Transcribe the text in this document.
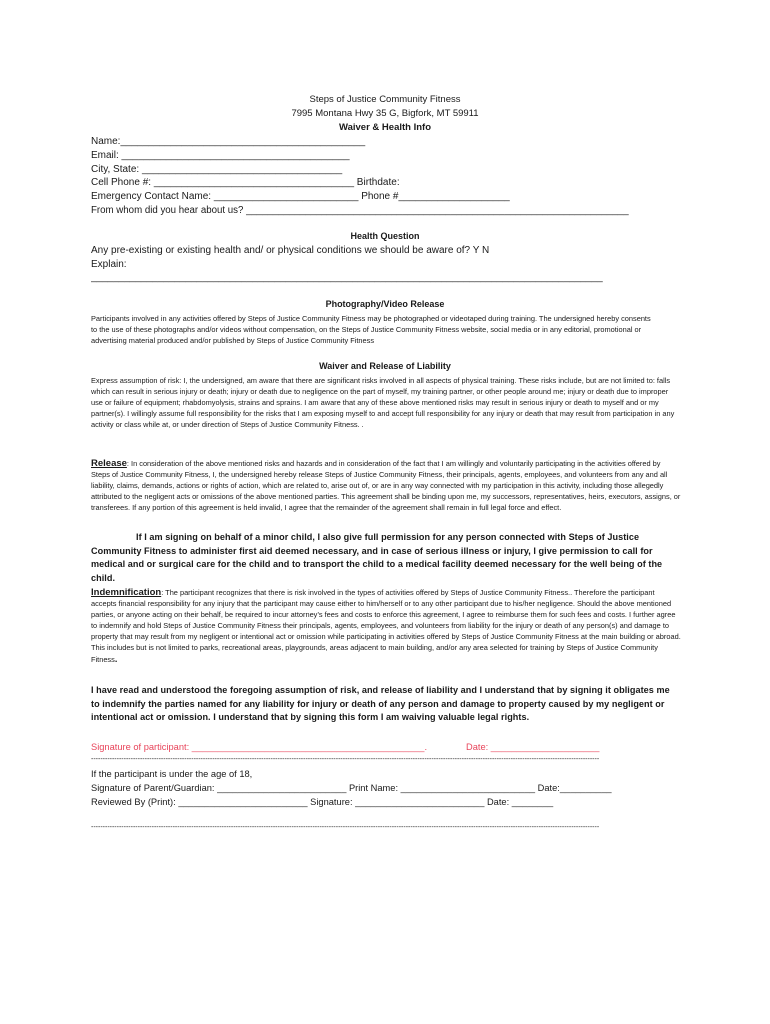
Steps of Justice Community Fitness
7995 Montana Hwy 35 G, Bigfork, MT 59911
Waiver & Health Info
Name:____________________________________________
Email: _________________________________________
City, State: ____________________________________
Cell Phone #: ____________________________________ Birthdate:
Emergency Contact Name: __________________________ Phone #____________________
From whom did you hear about us? _______________________________________________________________________
Health Question
Any pre-existing or existing health and/ or physical conditions we should be aware of? Y N
Explain:
____________________________________________________________________________________________
Photography/Video Release
Participants involved in any activities offered by Steps of Justice Community Fitness may be photographed or videotaped during training. The undersigned hereby consents to the use of these photographs and/or videos without compensation, on the Steps of Justice Community Fitness website, social media or in any editorial, promotional or advertising material produced and/or published by Steps of Justice Community Fitness
Waiver and Release of Liability
Express assumption of risk: I, the undersigned, am aware that there are significant risks involved in all aspects of physical training. These risks include, but are not limited to: falls which can result in serious injury or death; injury or death due to negligence on the part of myself, my training partner, or other people around me; injury or death due to improper use or failure of equipment; rhabdomyolysis, strains and sprains. I am aware that any of these above mentioned risks may result in serious injury or death to myself and or my partner(s). I willingly assume full responsibility for the risks that I am exposing myself to and accept full responsibility for any injury or death that may result from participation in any activity or class while at, or under direction of Steps of Justice Community Fitness. .
Release: In consideration of the above mentioned risks and hazards and in consideration of the fact that I am willingly and voluntarily participating in the activities offered by Steps of Justice Community Fitness, I, the undersigned hereby release Steps of Justice Community Fitness, their principals, agents, employees, and volunteers from any and all liability, claims, demands, actions or rights of action, which are related to, arise out of, or are in any way connected with my participation in this activity, including those allegedly attributed to the negligent acts or omissions of the above mentioned parties. This agreement shall be binding upon me, my successors, representatives, heirs, executors, assigns, or transferees. If any portion of this agreement is held invalid, I agree that the remainder of the agreement shall remain in full legal force and effect.
If I am signing on behalf of a minor child, I also give full permission for any person connected with Steps of Justice Community Fitness to administer first aid deemed necessary, and in case of serious illness or injury, I give permission to call for medical and or surgical care for the child and to transport the child to a medical facility deemed necessary for the well being of the child.
Indemnification: The participant recognizes that there is risk involved in the types of activities offered by Steps of Justice Community Fitness.. Therefore the participant accepts financial responsibility for any injury that the participant may cause either to him/herself or to any other participant due to his/her negligence. Should the above mentioned parties, or anyone acting on their behalf, be required to incur attorney’s fees and costs to enforce this agreement, I agree to reimburse them for such fees and costs. I further agree to indemnify and hold Steps of Justice Community Fitness their principals, agents, employees, and volunteers from liability for the injury or death of any person(s) and damage to property that may result from my negligent or intentional act or omission while participating in activities offered by Steps of Justice Community Fitness at the main building or abroad. This includes but is not limited to parks, recreational areas, playgrounds, areas adjacent to main building, and/or any area selected for training by Steps of Justice Community Fitness.
I have read and understood the foregoing assumption of risk, and release of liability and I understand that by signing it obligates me to indemnify the parties named for any liability for injury or death of any person and damage to property caused by my negligent or intentional act or omission. I understand that by signing this form I am waiving valuable legal rights.
Signature of participant: _____________________________________________.	Date: _____________________
--------------------------------------------------------------------------------------------------------------------------------------------------------------------------------------------------------------------------
If the participant is under the age of 18,
Signature of Parent/Guardian: _________________________ Print Name: __________________________ Date:__________
Reviewed By (Print): _________________________ Signature: _________________________ Date: ________
--------------------------------------------------------------------------------------------------------------------------------------------------------------------------------------------------------------------------
